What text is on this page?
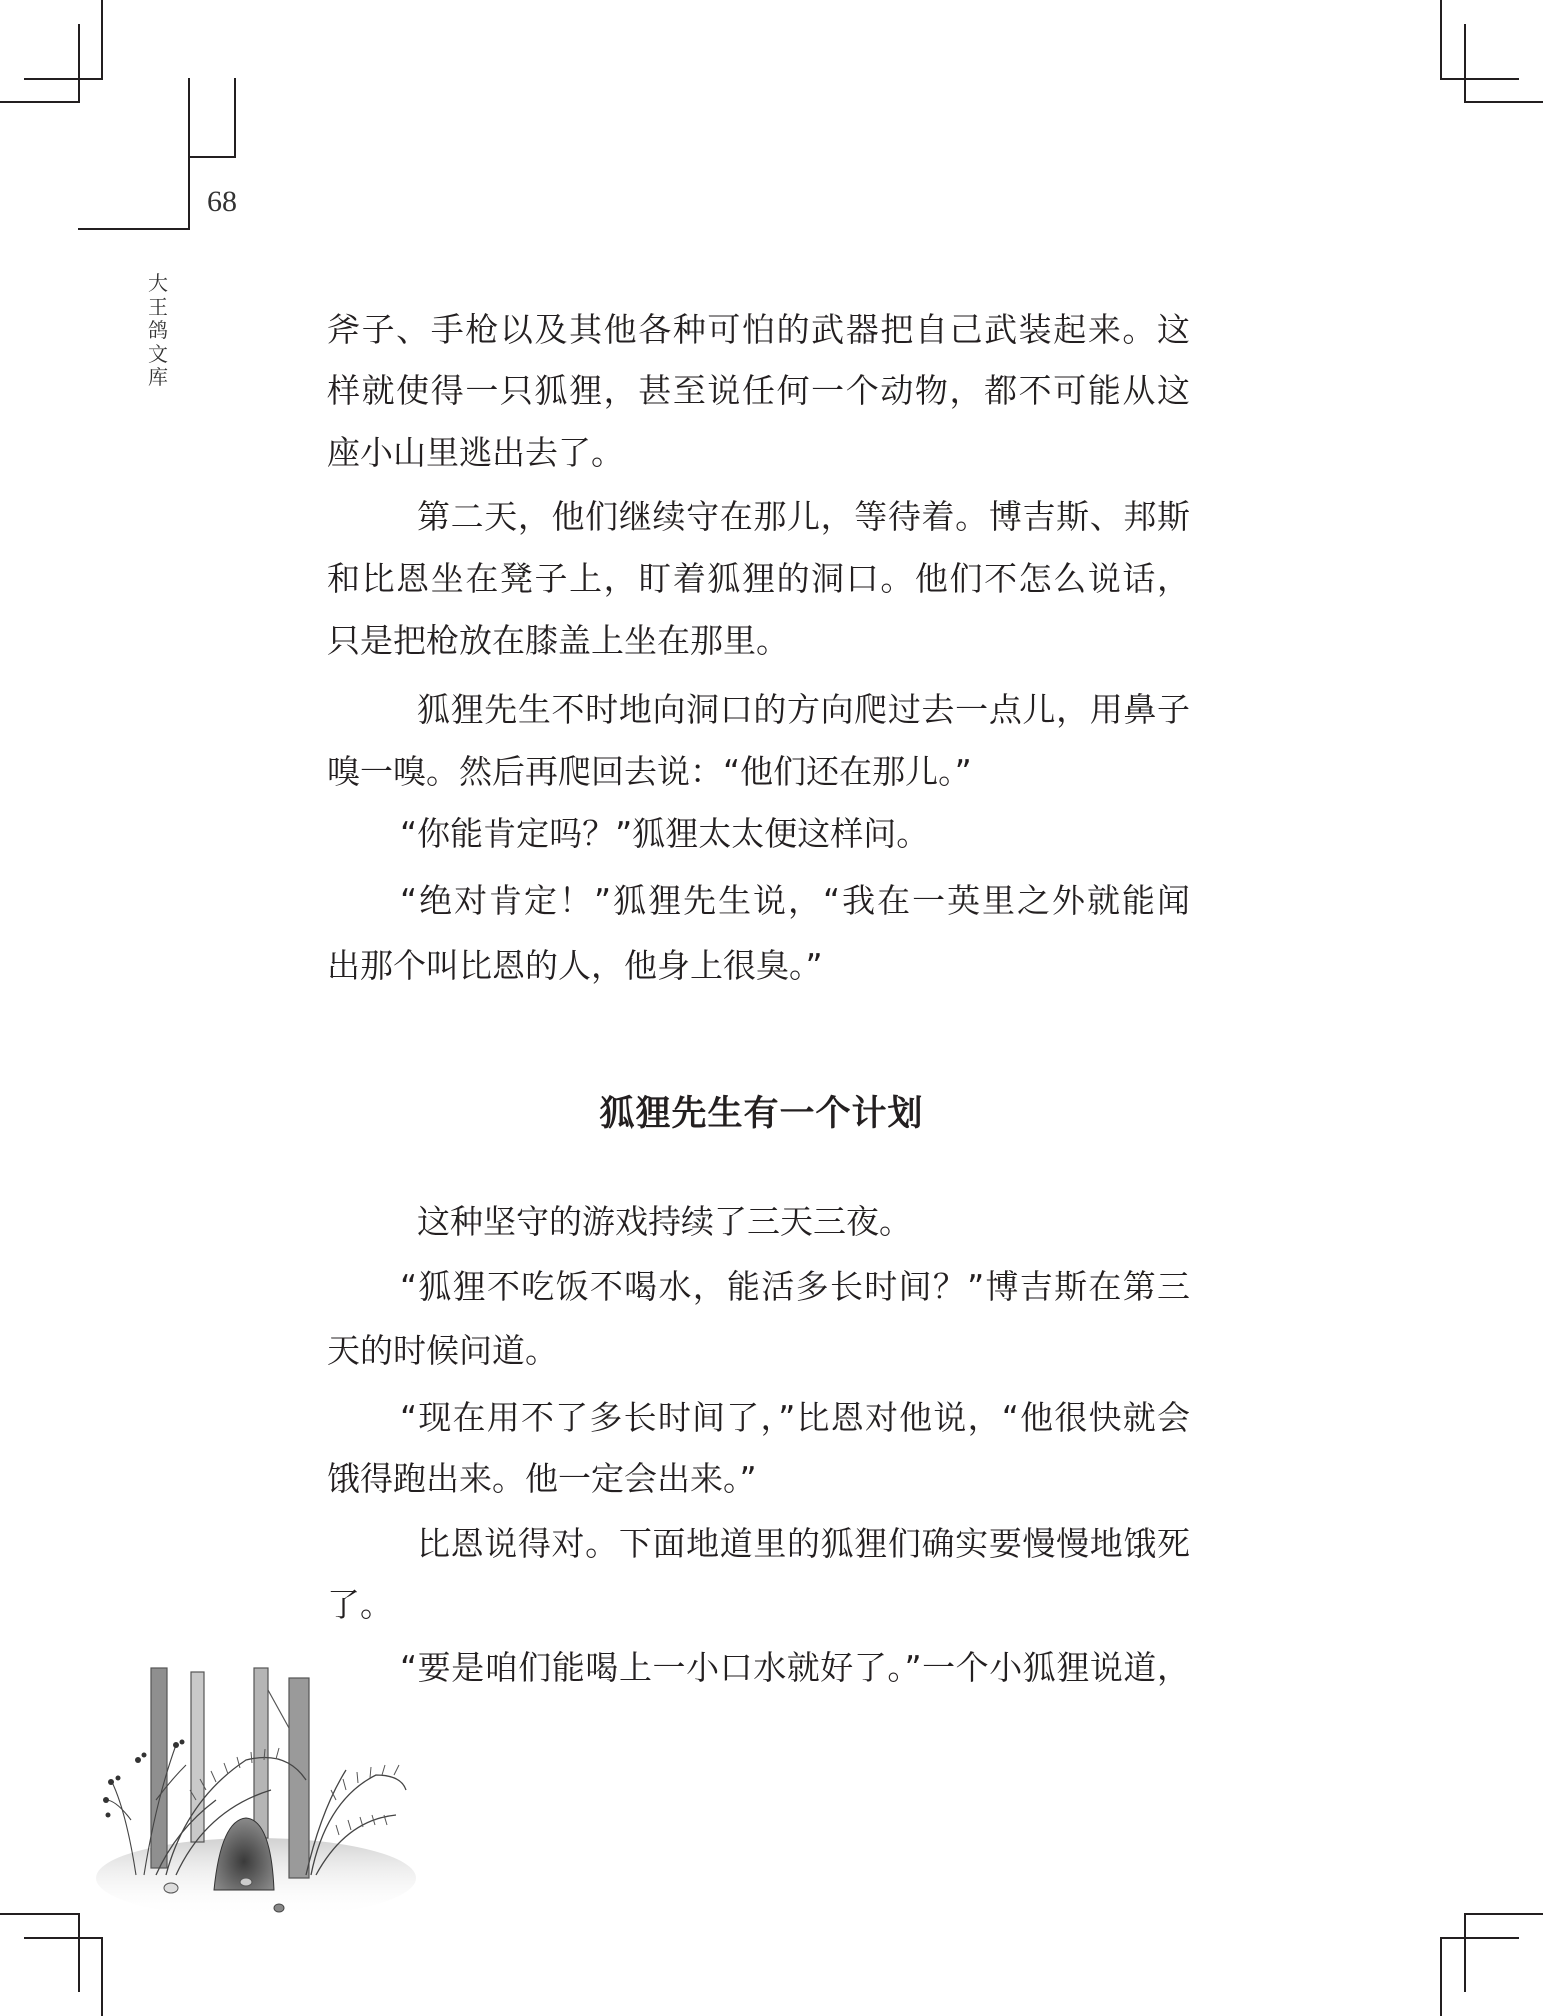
68
大
王
鸽
文
库
斧子、手枪以及其他各种可怕的武器把自己武装起来。这
样就使得一只狐狸，甚至说任何一个动物，都不可能从这
座小山里逃出去了。
第二天，他们继续守在那儿，等待着。博吉斯、邦斯
和比恩坐在凳子上，盯着狐狸的洞口。他们不怎么说话，
只是把枪放在膝盖上坐在那里。
狐狸先生不时地向洞口的方向爬过去一点儿，用鼻子
嗅一嗅。然后再爬回去说：“他们还在那儿。”
“你能肯定吗？”狐狸太太便这样问。
“绝对肯定！”狐狸先生说，“我在一英里之外就能闻
出那个叫比恩的人，他身上很臭。”
狐狸先生有一个计划
这种坚守的游戏持续了三天三夜。
“狐狸不吃饭不喝水，能活多长时间？”博吉斯在第三
天的时候问道。
“现在用不了多长时间了，”比恩对他说，“他很快就会
饿得跑出来。他一定会出来。”
比恩说得对。下面地道里的狐狸们确实要慢慢地饿死
了。
“要是咱们能喝上一小口水就好了。”一个小狐狸说道，
